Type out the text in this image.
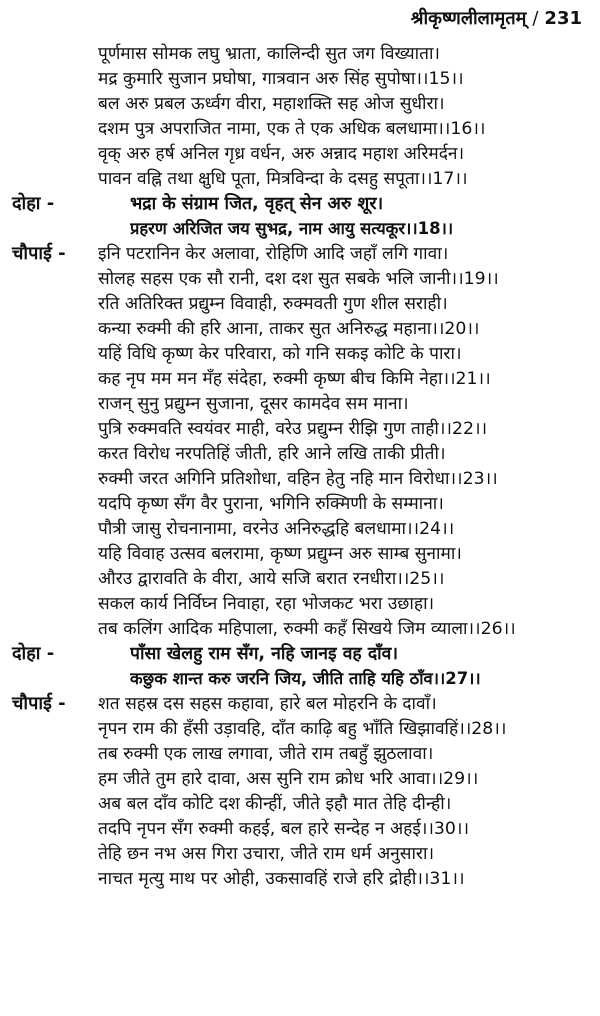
श्रीकृष्णलीलामृतम् / 231
पूर्णमास सोमक लघु भ्राता, कालिन्दी सुत जग विख्याता।
मद्र कुमारि सुजान प्रघोषा, गात्रवान अरु सिंह सुपोषा।।15।।
बल अरु प्रबल ऊर्ध्वग वीरा, महाशक्ति सह ओज सुधीरा।
दशम पुत्र अपराजित नामा, एक ते एक अधिक बलधामा।।16।।
वृक् अरु हर्ष अनिल गृध्र वर्धन, अरु अन्नाद महाश अरिमर्दन।
पावन वह्नि तथा क्षुधि पूता, मित्रविन्दा के दसहु सपूता।।17।।
दोहा -	भद्रा के संग्राम जित, वृहत् सेन अरु शूर।
प्रहरण अरिजित जय सुभद्र, नाम आयु सत्यकूर।।18।।
चौपाई - इनि पटरानिन केर अलावा, रोहिणि आदि जहाँ लगि गावा।
सोलह सहस एक सौ रानी, दश दश सुत सबके भलि जानी।।19।।
रति अतिरिक्त प्रद्युम्न विवाही, रुक्मवती गुण शील सराही।
कन्या रुक्मी की हरि आना, ताकर सुत अनिरुद्ध महाना।।20।।
यहिं विधि कृष्ण केर परिवारा, को गनि सकइ कोटि के पारा।
कह नृप मम मन मँह संदेहा, रुक्मी कृष्ण बीच किमि नेहा।।21।।
राजन् सुनु प्रद्युम्न सुजाना, दूसर कामदेव सम माना।
पुत्रि रुक्मवति स्वयंवर माही, वरेउ प्रद्युम्न रीझि गुण ताही।।22।।
करत विरोध नरपतिहिं जीती, हरि आने लखि ताकी प्रीती।
रुक्मी जरत अगिनि प्रतिशोधा, वहिन हेतु नहि मान विरोधा।।23।।
यदपि कृष्ण सँग वैर पुराना, भगिनि रुक्मिणी के सम्माना।
पौत्री जासु रोचनानामा, वरनेउ अनिरुद्धहि बलधामा।।24।।
यहि विवाह उत्सव बलरामा, कृष्ण प्रद्युम्न अरु साम्ब सुनामा।
औरउ द्वारावति के वीरा, आये सजि बरात रनधीरा।।25।।
सकल कार्य निर्विघ्न निवाहा, रहा भोजकट भरा उछाहा।
तब कलिंग आदिक महिपाला, रुक्मी कहँ सिखये जिम व्याला।।26।।
दोहा -	पाँसा खेलहु राम सँग, नहि जानइ वह दाँव।
कछुक शान्त करु जरनि जिय, जीति ताहि यहि ठाँव।।27।।
चौपाई - शत सहस्र दस सहस कहावा, हारे बल मोहरनि के दावाँ।
नृपन राम की हँसी उड़ावहि, दाँत काढ़ि बहु भाँति खिझावहिं।।28।।
तब रुक्मी एक लाख लगावा, जीते राम तबहुँ झुठलावा।
हम जीते तुम हारे दावा, अस सुनि राम क्रोध भरि आवा।।29।।
अब बल दाँव कोटि दश कीन्हीं, जीते इहौ मात तेहि दीन्ही।
तदपि नृपन सँग रुक्मी कहई, बल हारे सन्देह न अहई।।30।।
तेहि छन नभ अस गिरा उचारा, जीते राम धर्म अनुसारा।
नाचत मृत्यु माथ पर ओही, उकसावहिं राजे हरि द्रोही।।31।।
